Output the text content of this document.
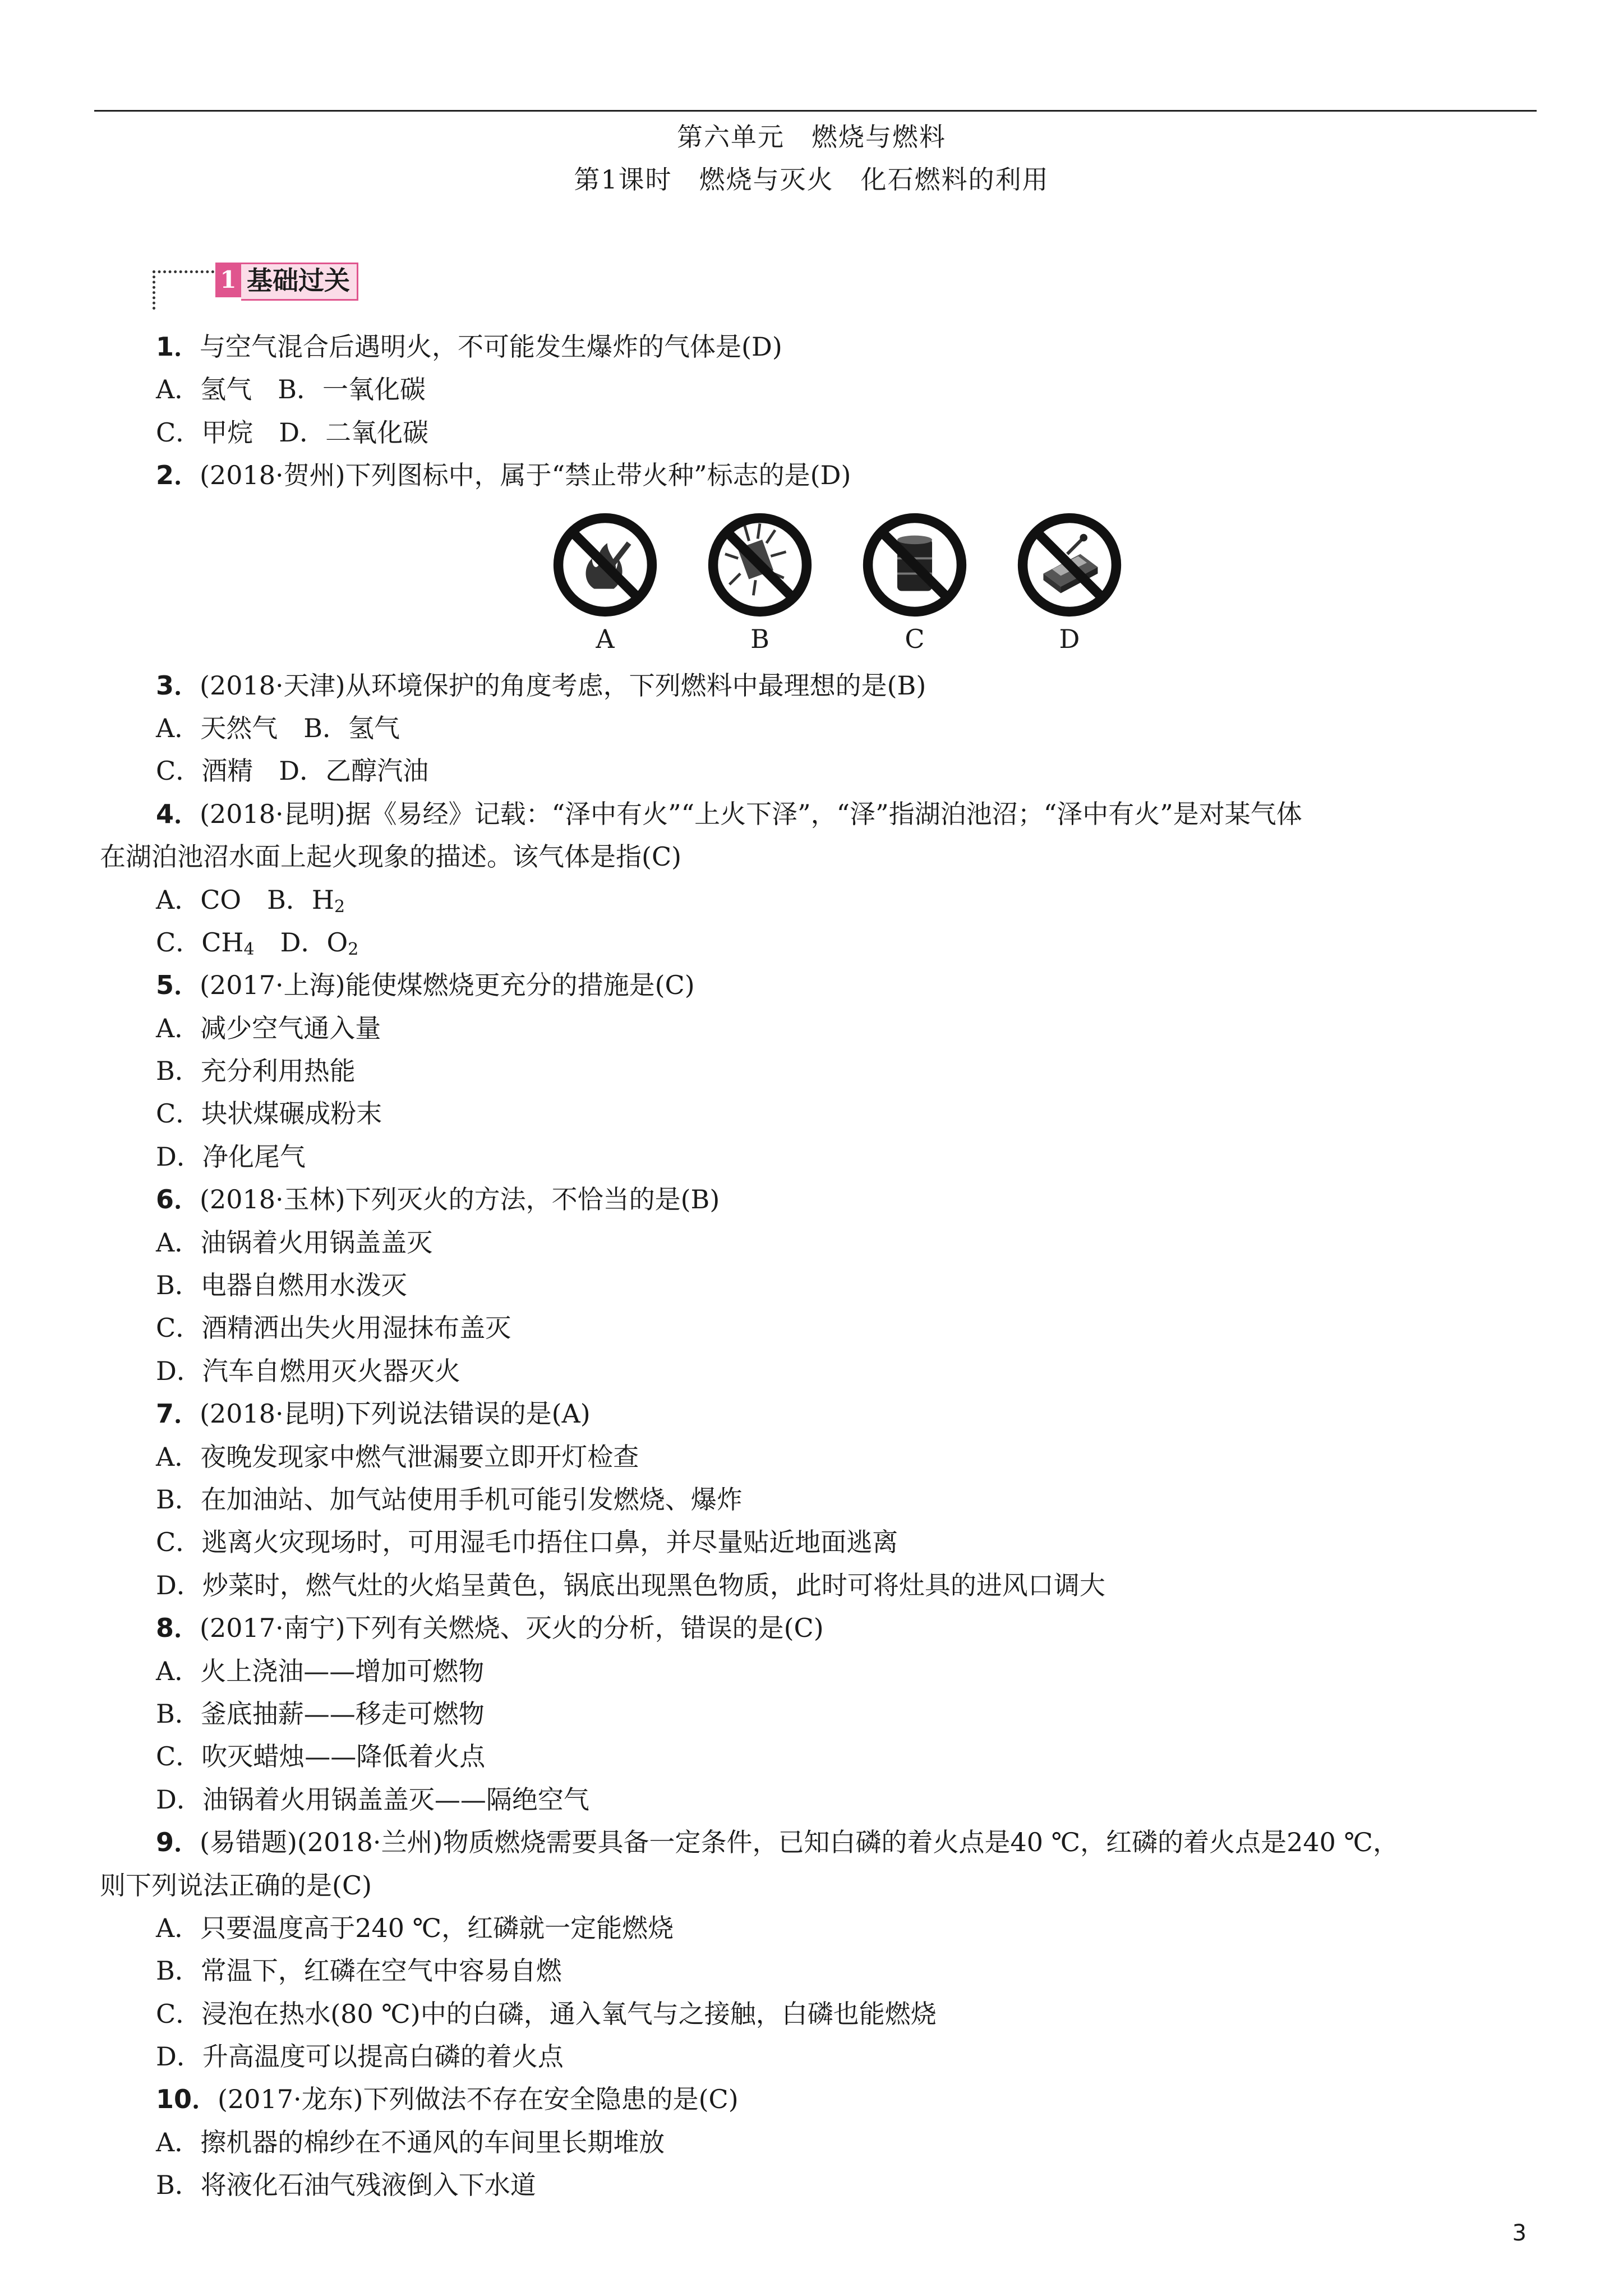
第六单元　燃烧与燃料
第1课时　燃烧与灭火　化石燃料的利用
1 基础过关
1．与空气混合后遇明火，不可能发生爆炸的气体是(D)
A．氢气　B．一氧化碳
C．甲烷　D．二氧化碳
2．(2018·贺州)下列图标中，属于“禁止带火种”标志的是(D)
A	B	C	D
3．(2018·天津)从环境保护的角度考虑，下列燃料中最理想的是(B)
A．天然气　B．氢气
C．酒精　D．乙醇汽油
4．(2018·昆明)据《易经》记载：“泽中有火”“上火下泽”，“泽”指湖泊池沼；“泽中有火”是对某气体
在湖泊池沼水面上起火现象的描述。该气体是指(C)
A．CO　B．$H_2$
C．$CH_4$　D．$O_2$
5．(2017·上海)能使煤燃烧更充分的措施是(C)
A．减少空气通入量
B．充分利用热能
C．块状煤碾成粉末
D．净化尾气
6．(2018·玉林)下列灭火的方法，不恰当的是(B)
A．油锅着火用锅盖盖灭
B．电器自燃用水泼灭
C．酒精洒出失火用湿抹布盖灭
D．汽车自燃用灭火器灭火
7．(2018·昆明)下列说法错误的是(A)
A．夜晚发现家中燃气泄漏要立即开灯检查
B．在加油站、加气站使用手机可能引发燃烧、爆炸
C．逃离火灾现场时，可用湿毛巾捂住口鼻，并尽量贴近地面逃离
D．炒菜时，燃气灶的火焰呈黄色，锅底出现黑色物质，此时可将灶具的进风口调大
8．(2017·南宁)下列有关燃烧、灭火的分析，错误的是(C)
A．火上浇油——增加可燃物
B．釜底抽薪——移走可燃物
C．吹灭蜡烛——降低着火点
D．油锅着火用锅盖盖灭——隔绝空气
9．(易错题)(2018·兰州)物质燃烧需要具备一定条件，已知白磷的着火点是40 ℃，红磷的着火点是240 ℃，
则下列说法正确的是(C)
A．只要温度高于240 ℃，红磷就一定能燃烧
B．常温下，红磷在空气中容易自燃
C．浸泡在热水(80 ℃)中的白磷，通入氧气与之接触，白磷也能燃烧
D．升高温度可以提高白磷的着火点
10．(2017·龙东)下列做法不存在安全隐患的是(C)
A．擦机器的棉纱在不通风的车间里长期堆放
B．将液化石油气残液倒入下水道
3
